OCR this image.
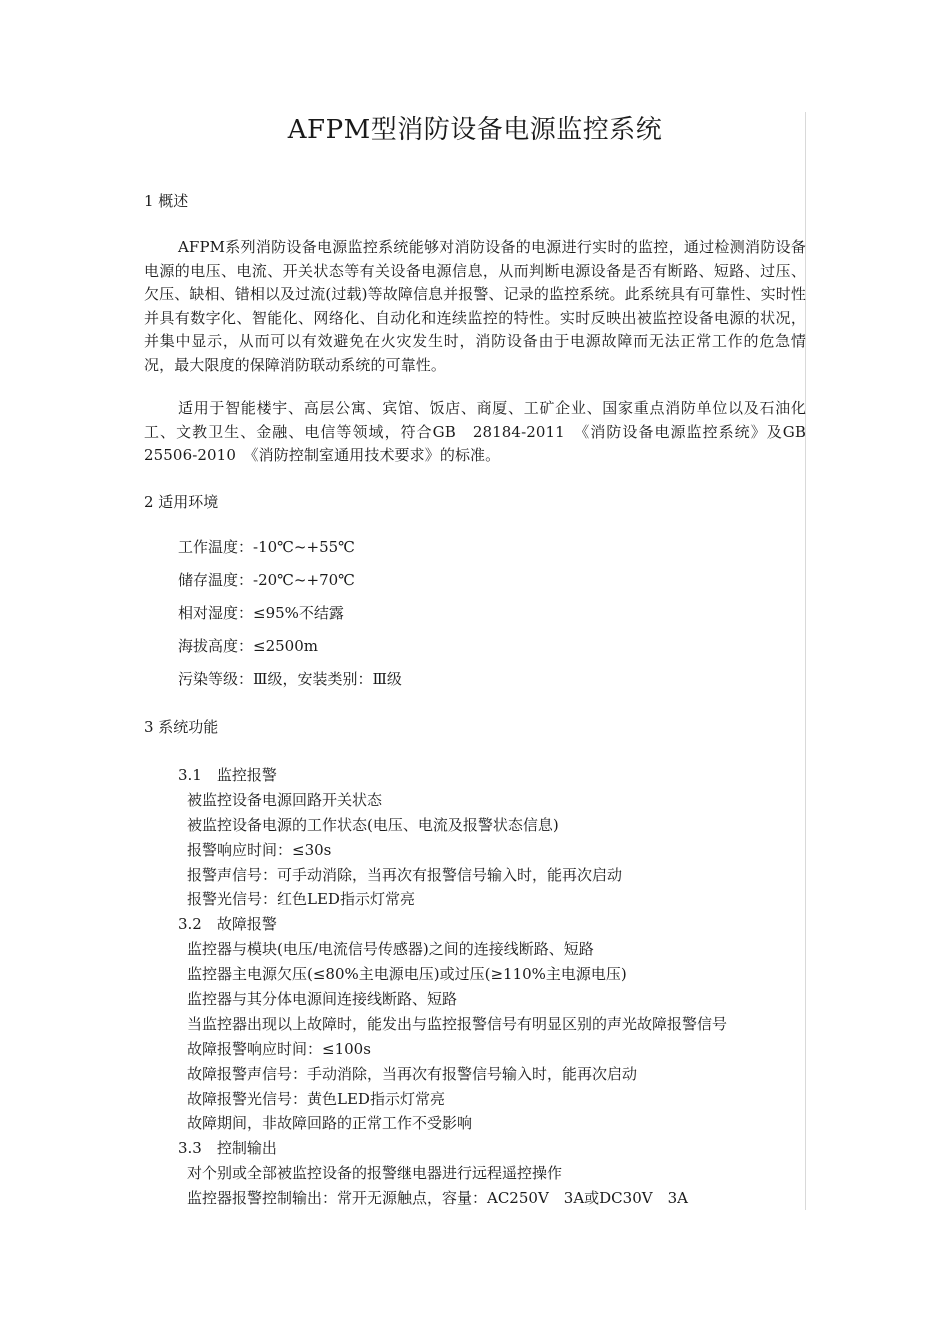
AFPM型消防设备电源监控系统
1 概述

AFPM系列消防设备电源监控系统能够对消防设备的电源进行实时的监控，通过检测消防设备电源的电压、电流、开关状态等有关设备电源信息，从而判断电源设备是否有断路、短路、过压、欠压、缺相、错相以及过流(过载)等故障信息并报警、记录的监控系统。此系统具有可靠性、实时性并具有数字化、智能化、网络化、自动化和连续监控的特性。实时反映出被监控设备电源的状况，并集中显示，从而可以有效避免在火灾发生时，消防设备由于电源故障而无法正常工作的危急情况，最大限度的保障消防联动系统的可靠性。

适用于智能楼宇、高层公寓、宾馆、饭店、商厦、工矿企业、国家重点消防单位以及石油化工、文教卫生、金融、电信等领域，符合GB　28184-2011　《消防设备电源监控系统》及GB　25506-2010　《消防控制室通用技术要求》的标准。

2 适用环境
工作温度：-10℃~+55℃
储存温度：-20℃~+70℃
相对湿度：≤95%不结露
海拔高度：≤2500m
污染等级：Ⅲ级，安装类别：Ⅲ级
3 系统功能
3.1　监控报警
被监控设备电源回路开关状态
被监控设备电源的工作状态(电压、电流及报警状态信息)
报警响应时间：≤30s
报警声信号：可手动消除，当再次有报警信号输入时，能再次启动
报警光信号：红色LED指示灯常亮
3.2　故障报警
监控器与模块(电压/电流信号传感器)之间的连接线断路、短路
监控器主电源欠压(≤80%主电源电压)或过压(≥110%主电源电压)
监控器与其分体电源间连接线断路、短路
当监控器出现以上故障时，能发出与监控报警信号有明显区别的声光故障报警信号
故障报警响应时间：≤100s
故障报警声信号：手动消除，当再次有报警信号输入时，能再次启动
故障报警光信号：黄色LED指示灯常亮
故障期间，非故障回路的正常工作不受影响
3.3　控制输出
对个别或全部被监控设备的报警继电器进行远程遥控操作
监控器报警控制输出：常开无源触点，容量：AC250V　3A或DC30V　3A
